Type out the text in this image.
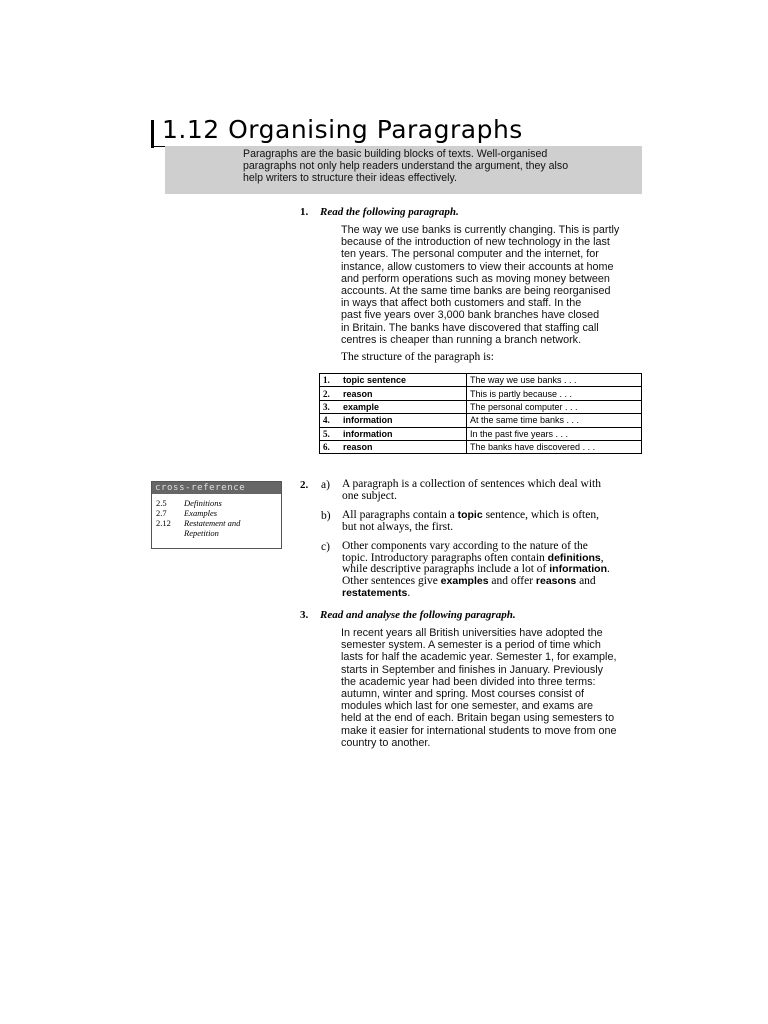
1.12 Organising Paragraphs
Paragraphs are the basic building blocks of texts. Well-organised
paragraphs not only help readers understand the argument, they also
help writers to structure their ideas effectively.
1. Read the following paragraph.
The way we use banks is currently changing. This is partly
because of the introduction of new technology in the last
ten years. The personal computer and the internet, for
instance, allow customers to view their accounts at home
and perform operations such as moving money between
accounts. At the same time banks are being reorganised
in ways that affect both customers and staff. In the
past five years over 3,000 bank branches have closed
in Britain. The banks have discovered that staffing call
centres is cheaper than running a branch network.
The structure of the paragraph is:
1.	topic sentence	The way we use banks . . .
2.	reason	This is partly because . . .
3.	example	The personal computer . . .
4.	information	At the same time banks . . .
5.	information	In the past five years . . .
6.	reason	The banks have discovered . . .
cross-reference
2.5 Definitions
2.7 Examples
2.12 Restatement and
Repetition
2. a) A paragraph is a collection of sentences which deal with
one subject.
b) All paragraphs contain a topic sentence, which is often,
but not always, the first.
c) Other components vary according to the nature of the
topic. Introductory paragraphs often contain definitions,
while descriptive paragraphs include a lot of information.
Other sentences give examples and offer reasons and
restatements.
3. Read and analyse the following paragraph.
In recent years all British universities have adopted the
semester system. A semester is a period of time which
lasts for half the academic year. Semester 1, for example,
starts in September and finishes in January. Previously
the academic year had been divided into three terms:
autumn, winter and spring. Most courses consist of
modules which last for one semester, and exams are
held at the end of each. Britain began using semesters to
make it easier for international students to move from one
country to another.
